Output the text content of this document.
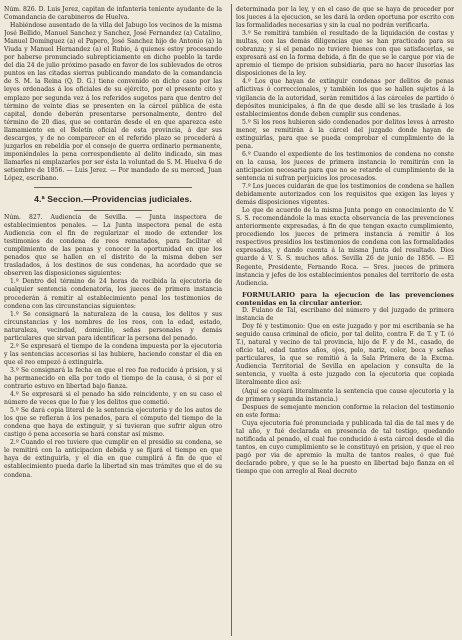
Núm. 826. D. Luis Jerez, capitan de infantería teniente ayudante de la Comandancia de carabineros de Huelva.

Habiéndose ausentado de la villa del Jabugo los vecinos de la misma José Bellido, Manuel Sanchez y Sanchez, José Fernandez (a) Catalino, Manuel Domínguez (a) el Papero, José Sanchez hijo de Antonio (a) la Viuda y Manuel Hernandez (a) el Rubio, á quienes estoy procesando por haberse pronunciado subrepticiamente en dicho pueblo la tarde del dia 24 de julio próximo pasado en favor de los sublevados de otros puntos en las citadas sierras publicando mandato de la comandancia de S. M. la Reina (Q. D. G.) tiene convenido en dicho caso por las leyes ordenadas á los oficiales de su ejército, por el presente cito y emplazo por segunda vez á los referidos sugetos para que dentro del término de veinte dias se presenten en la cárcel pública de esta capital, donde deberán presentarse personalmente, dentro del término de 20 dias, que se contarán desde el en que aparezca este llamamiento en el Boletín oficial de esta provincia, á dar sus descargos, y de no comparecer en el referido plazo se procederá á juzgarlos en rebeldía por el consejo de guerra ordinario permanente, imponiéndoles la pena correspondiente al delito indicado, sin mas llamarles ni emplazarles por ser ésta la voluntad de S. M. Huelva 6 de setiembre de 1856. — Luis Jerez. — Por mandado de su merced, Juan López, escribano.

4.ª Seccion.—Providencias judiciales.

Núm. 827. Audiencia de Sevilla. — Junta inspectora de establecimientos penales. — La Junta inspectora penal de esta Audiencia con el fin de regularizar el modo de extender los testimonios de condena de reos rematados, para facilitar el cumplimiento de las penas y conocer la oportunidad en que los penados que se hallen en el distrito de la misma deben ser trasladados, á los destinos de sus condenas, ha acordado que se observen las disposiciones siguientes:

1.º Dentro del término de 24 horas de recibida la ejecutoria de cualquier sentencia condenatoria, los jueces de primera instancia procederán á remitir al establecimiento penal los testimonios de condena con las circunstancias siguientes:

1.º Se consignará la naturaleza de la causa, los delitos y sus circunstancias y los nombres de los reos, con la edad, estado, naturaleza, vecindad, domicilio, señas personales y demás particulares que sirvan para identificar la persona del penado.

2.º Se expresará el tiempo de la condena impuesta por la ejecutoria y las sentencias accesorias si las hubiere, haciendo constar el dia en que el reo empezó á extinguirla.

3.º Se consignará la fecha en que el reo fue reducido á prision, y si ha permanecido en ella por todo el tiempo de la causa, ó si por el contrario estuvo en libertad bajo fianza.

4.º Se expresará si el penado ha sido reincidente, y en su caso el número de veces que lo fue y los delitos que cometió.

5.º Se dará copia literal de la sentencia ejecutoria y de los autos de los que se refieran á los penados, para el cómputo del tiempo de la condena que haya de extinguir, y si tuvieran que sufrir algun otro castigo ó pena accesoria se hará constar así mismo.

2.º Cuando el reo tuviere que cumplir en el presidio su condena, se le remitirá con la anticipacion debida y se fijará el tiempo en que haya de extinguirla, y el dia en que cumplirá á fin de que el establecimiento pueda darle la libertad sin mas trámites que el de su condena.

determinada por la ley, y en el caso de que se haya de proceder por los jueces á la ejecucion, se les dará la orden oportuna por escrito con las formalidades necesarias y sin la cual no podrán verificarla.

3.º Se remitirá también el resultado de la liquidación de costas y multas, con las demás diligencias que se han practicado para su cobranza; y si el penado no tuviere bienes con que satisfacerlas, se expresará así en la forma debida, á fin de que se le cargue por via de apremio el tiempo de prision subsidiaria, para no hacer ilusorias las disposiciones de la ley.

4.º Los que hayan de extinguir condenas por delitos de penas aflictivas ó correccionales, y también los que se hallen sujetos á la vigilancia de la autoridad, serán remitidos á las cárceles de partido ó depósitos municipales, á fin de que desde allí se les traslade á los establecimientos donde deben cumplir sus condenas.

5.º Si los reos hubieren sido condenados por delitos leves á arresto menor, se remitirán á la cárcel del juzgado donde hayan de extinguirlas, para que se pueda comprobar el cumplimiento de la pena.

6.º Cuando el expediente de los testimonios de condena no conste en la causa, los jueces de primera instancia lo remitirán con la anticipacion necesaria para que no se retarde el cumplimiento de la sentencia ni sufran perjuicios los procesados.

7.º Los jueces cuidarán de que los testimonios de condena se hallen debidamente autorizados con los requisitos que exigen las leyes y demás disposiciones vigentes.

Lo que de acuerdo de la misma Junta pongo en conocimiento de V. S. S. recomendándole la mas exacta observancia de las prevenciones anteriormente expresadas, á fin de que tengan exacto cumplimiento, procediendo los jueces de primera instancia á remitir á los respectivos presidios los testimonios de condena con las formalidades expresadas, y dando cuenta á la misma Junta del resultado. Dios guarde á V. S. S. muchos años. Sevilla 26 de junio de 1856. — El Regente, Presidente, Fernando Roca. — Sres. jueces de primera instancia y jefes de los establecimientos penales del territorio de esta Audiencia.

FORMULARIO para la ejecucion de las prevenciones contenidas en la circular anterior.

D. Fulano de Tal, escribano del número y del juzgado de primera instancia de

Doy fé y testimonio: Que en este juzgado y por mi escribanía se ha seguido causa criminal de oficio, por tal delito, contra F. de T. y T. (ó T.), natural y vecino de tal provincia, hijo de F. y de M., casado, de oficio tal, edad tantos años, ojos, pelo, nariz, color, boca y señas particulares, la que se remitió á la Sala Primera de la Excma. Audiencia Territorial de Sevilla en apelacion y consulta de la sentencia, y vuelta á este juzgado con la ejecutoria que copiada literalmente dice así:

(Aquí se copiará literalmente la sentencia que cause ejecutoria y la de primera y segunda instancia.)

Despues de semejante mencion conforme la relacion del testimonio en este forma:

Cuya ejecutoria fué pronunciada y publicada tal dia de tal mes y de tal año, y fué declarada en presencia de tal testigo, quedando notificada al penado, el cual fue conducido á esta cárcel desde el dia tantos, en cuyo cumplimiento se le constituyó en prision, y que el reo pagó por via de apremio la multa de tantos reales, ó que fué declarado pobre, y que se le ha puesto en libertad bajo fianza en el tiempo que con arreglo al Real decreto
